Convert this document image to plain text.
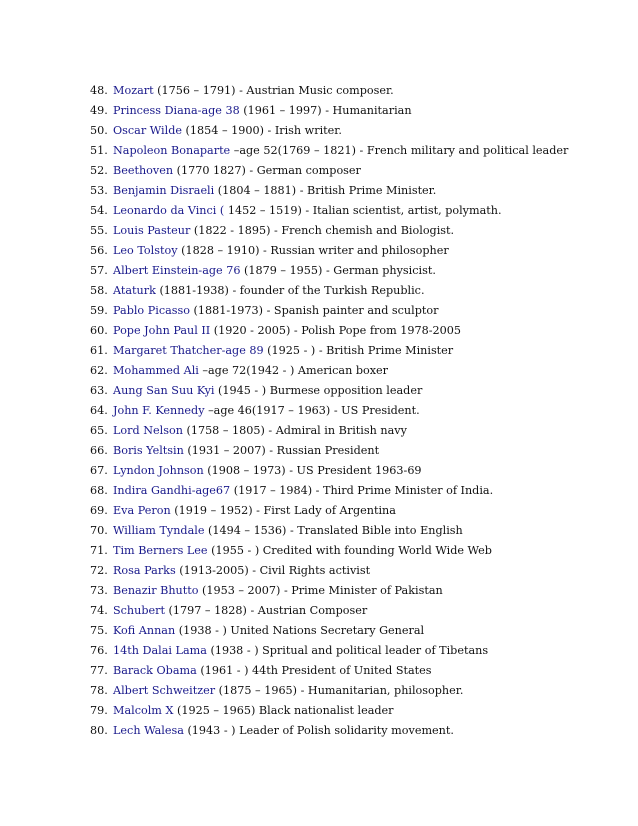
48. Mozart (1756 – 1791) - Austrian Music composer.
49. Princess Diana-age 38 (1961 – 1997) - Humanitarian
50. Oscar Wilde (1854 – 1900) - Irish writer.
51. Napoleon Bonaparte –age 52(1769 – 1821) - French military and political leader
52. Beethoven (1770 1827) - German composer
53. Benjamin Disraeli (1804 – 1881) - British Prime Minister.
54. Leonardo da Vinci ( 1452 – 1519) - Italian scientist, artist, polymath.
55. Louis Pasteur (1822 - 1895) - French chemish and Biologist.
56. Leo Tolstoy (1828 – 1910) - Russian writer and philosopher
57. Albert Einstein-age 76 (1879 – 1955) - German physicist.
58. Ataturk (1881-1938) - founder of the Turkish Republic.
59. Pablo Picasso (1881-1973) - Spanish painter and sculptor
60. Pope John Paul II (1920 - 2005) - Polish Pope from 1978-2005
61. Margaret Thatcher-age 89 (1925 - ) - British Prime Minister
62. Mohammed Ali –age 72(1942 - ) American boxer
63. Aung San Suu Kyi (1945 - ) Burmese opposition leader
64. John F. Kennedy –age 46(1917 – 1963) - US President.
65. Lord Nelson (1758 – 1805) - Admiral in British navy
66. Boris Yeltsin (1931 – 2007) - Russian President
67. Lyndon Johnson (1908 – 1973) - US President 1963-69
68. Indira Gandhi-age67 (1917 – 1984) - Third Prime Minister of India.
69. Eva Peron (1919 – 1952) - First Lady of Argentina
70. William Tyndale (1494 – 1536) - Translated Bible into English
71. Tim Berners Lee (1955 - ) Credited with founding World Wide Web
72. Rosa Parks (1913-2005) - Civil Rights activist
73. Benazir Bhutto (1953 – 2007) - Prime Minister of Pakistan
74. Schubert (1797 – 1828) - Austrian Composer
75. Kofi Annan (1938 - ) United Nations Secretary General
76. 14th Dalai Lama (1938 - ) Spritual and political leader of Tibetans
77. Barack Obama (1961 - ) 44th President of United States
78. Albert Schweitzer (1875 – 1965) - Humanitarian, philosopher.
79. Malcolm X (1925 – 1965) Black nationalist leader
80. Lech Walesa (1943 - ) Leader of Polish solidarity movement.
